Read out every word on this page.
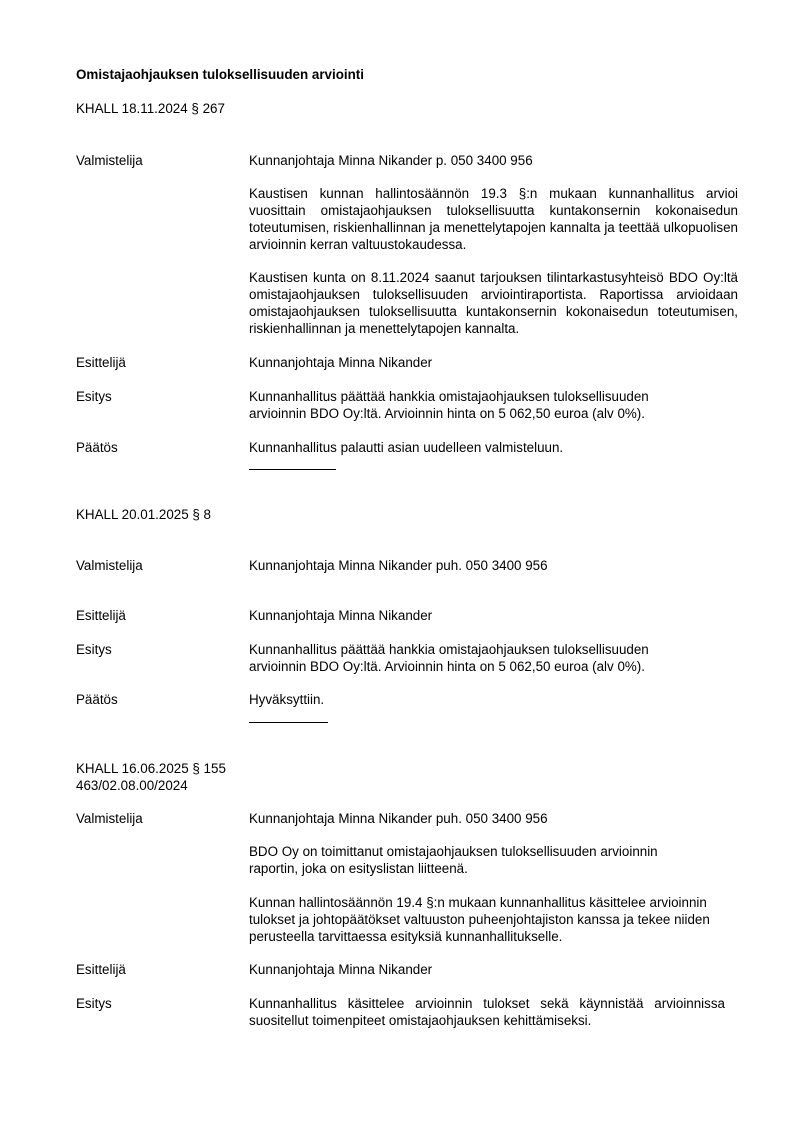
Omistajaohjauksen tuloksellisuuden arviointi
KHALL 18.11.2024 § 267
Valmistelija	Kunnanjohtaja Minna Nikander p. 050 3400 956
Kaustisen kunnan hallintosäännön 19.3 §:n mukaan kunnanhallitus arvioi vuosittain omistajaohjauksen tuloksellisuutta kuntakonsernin kokonaisedun toteutumisen, riskienhallinnan ja menettelytapojen kannalta ja teettää ulkopuolisen arvioinnin kerran valtuustokaudessa.
Kaustisen kunta on 8.11.2024 saanut tarjouksen tilintarkastusyhteisö BDO Oy:ltä omistajaohjauksen tuloksellisuuden arviointiraportista. Raportissa arvioidaan omistajaohjauksen tuloksellisuutta kuntakonsernin kokonaisedun toteutumisen, riskienhallinnan ja menettelytapojen kannalta.
Esittelijä	Kunnanjohtaja Minna Nikander
Esitys	Kunnanhallitus päättää hankkia omistajaohjauksen tuloksellisuuden arvioinnin BDO Oy:ltä. Arvioinnin hinta on 5 062,50 euroa (alv 0%).
Päätös	Kunnanhallitus palautti asian uudelleen valmisteluun.
KHALL 20.01.2025 § 8
Valmistelija	Kunnanjohtaja Minna Nikander puh. 050 3400 956
Esittelijä	Kunnanjohtaja Minna Nikander
Esitys	Kunnanhallitus päättää hankkia omistajaohjauksen tuloksellisuuden arvioinnin BDO Oy:ltä. Arvioinnin hinta on 5 062,50 euroa (alv 0%).
Päätös	Hyväksyttiin.
KHALL 16.06.2025 § 155
463/02.08.00/2024
Valmistelija	Kunnanjohtaja Minna Nikander puh. 050 3400 956
BDO Oy on toimittanut omistajaohjauksen tuloksellisuuden arvioinnin raportin, joka on esityslistan liitteenä.
Kunnan hallintosäännön 19.4 §:n mukaan kunnanhallitus käsittelee arvioinnin tulokset ja johtopäätökset valtuuston puheenjohtajiston kanssa ja tekee niiden perusteella tarvittaessa esityksiä kunnanhallitukselle.
Esittelijä	Kunnanjohtaja Minna Nikander
Esitys	Kunnanhallitus käsittelee arvioinnin tulokset sekä käynnistää arvioinnissa suositellut toimenpiteet omistajaohjauksen kehittämiseksi.
